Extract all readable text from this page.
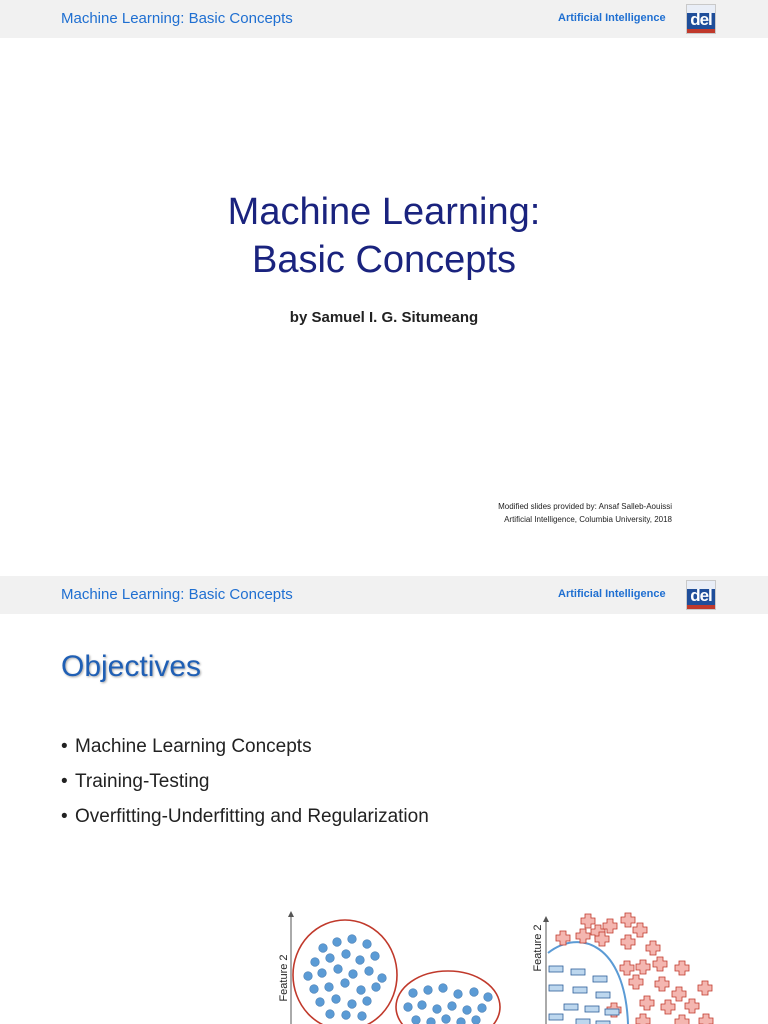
Machine Learning: Basic Concepts	Artificial Intelligence del
Machine Learning:
Basic Concepts
by Samuel I. G. Situmeang
Modified slides provided by: Ansaf Salleb-Aouissi
Artificial Intelligence, Columbia University, 2018
Machine Learning: Basic Concepts	Artificial Intelligence del
Objectives
• Machine Learning Concepts
• Training-Testing
• Overfitting-Underfitting and Regularization
Feature 2
Feature 2
